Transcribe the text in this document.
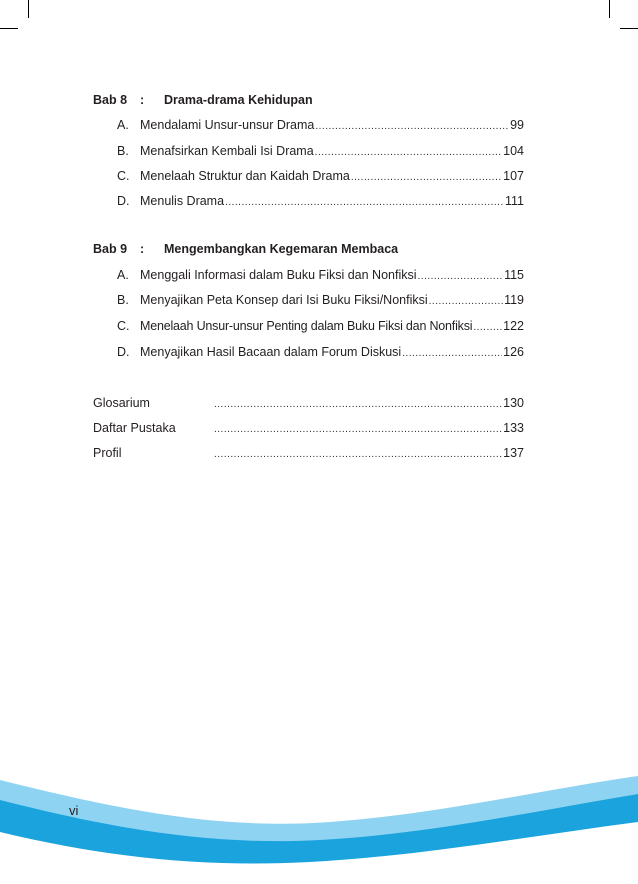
Bab 8	:	Drama-drama Kehidupan
A. Mendalami Unsur-unsur Drama .....	99
B. Menafsirkan Kembali Isi Drama .....	104
C. Menelaah Struktur dan Kaidah Drama .....	107
D. Menulis Drama .....	111
Bab 9	:	Mengembangkan Kegemaran Membaca
A. Menggali Informasi dalam Buku Fiksi dan Nonfiksi .....	115
B. Menyajikan Peta Konsep dari Isi Buku Fiksi/Nonfiksi .....	119
C. Menelaah Unsur-unsur Penting dalam Buku Fiksi dan Nonfiksi ..... 122
D. Menyajikan Hasil Bacaan dalam Forum Diskusi .....	126
Glosarium .....	130
Daftar Pustaka .....	133
Profil .....	137
vi
